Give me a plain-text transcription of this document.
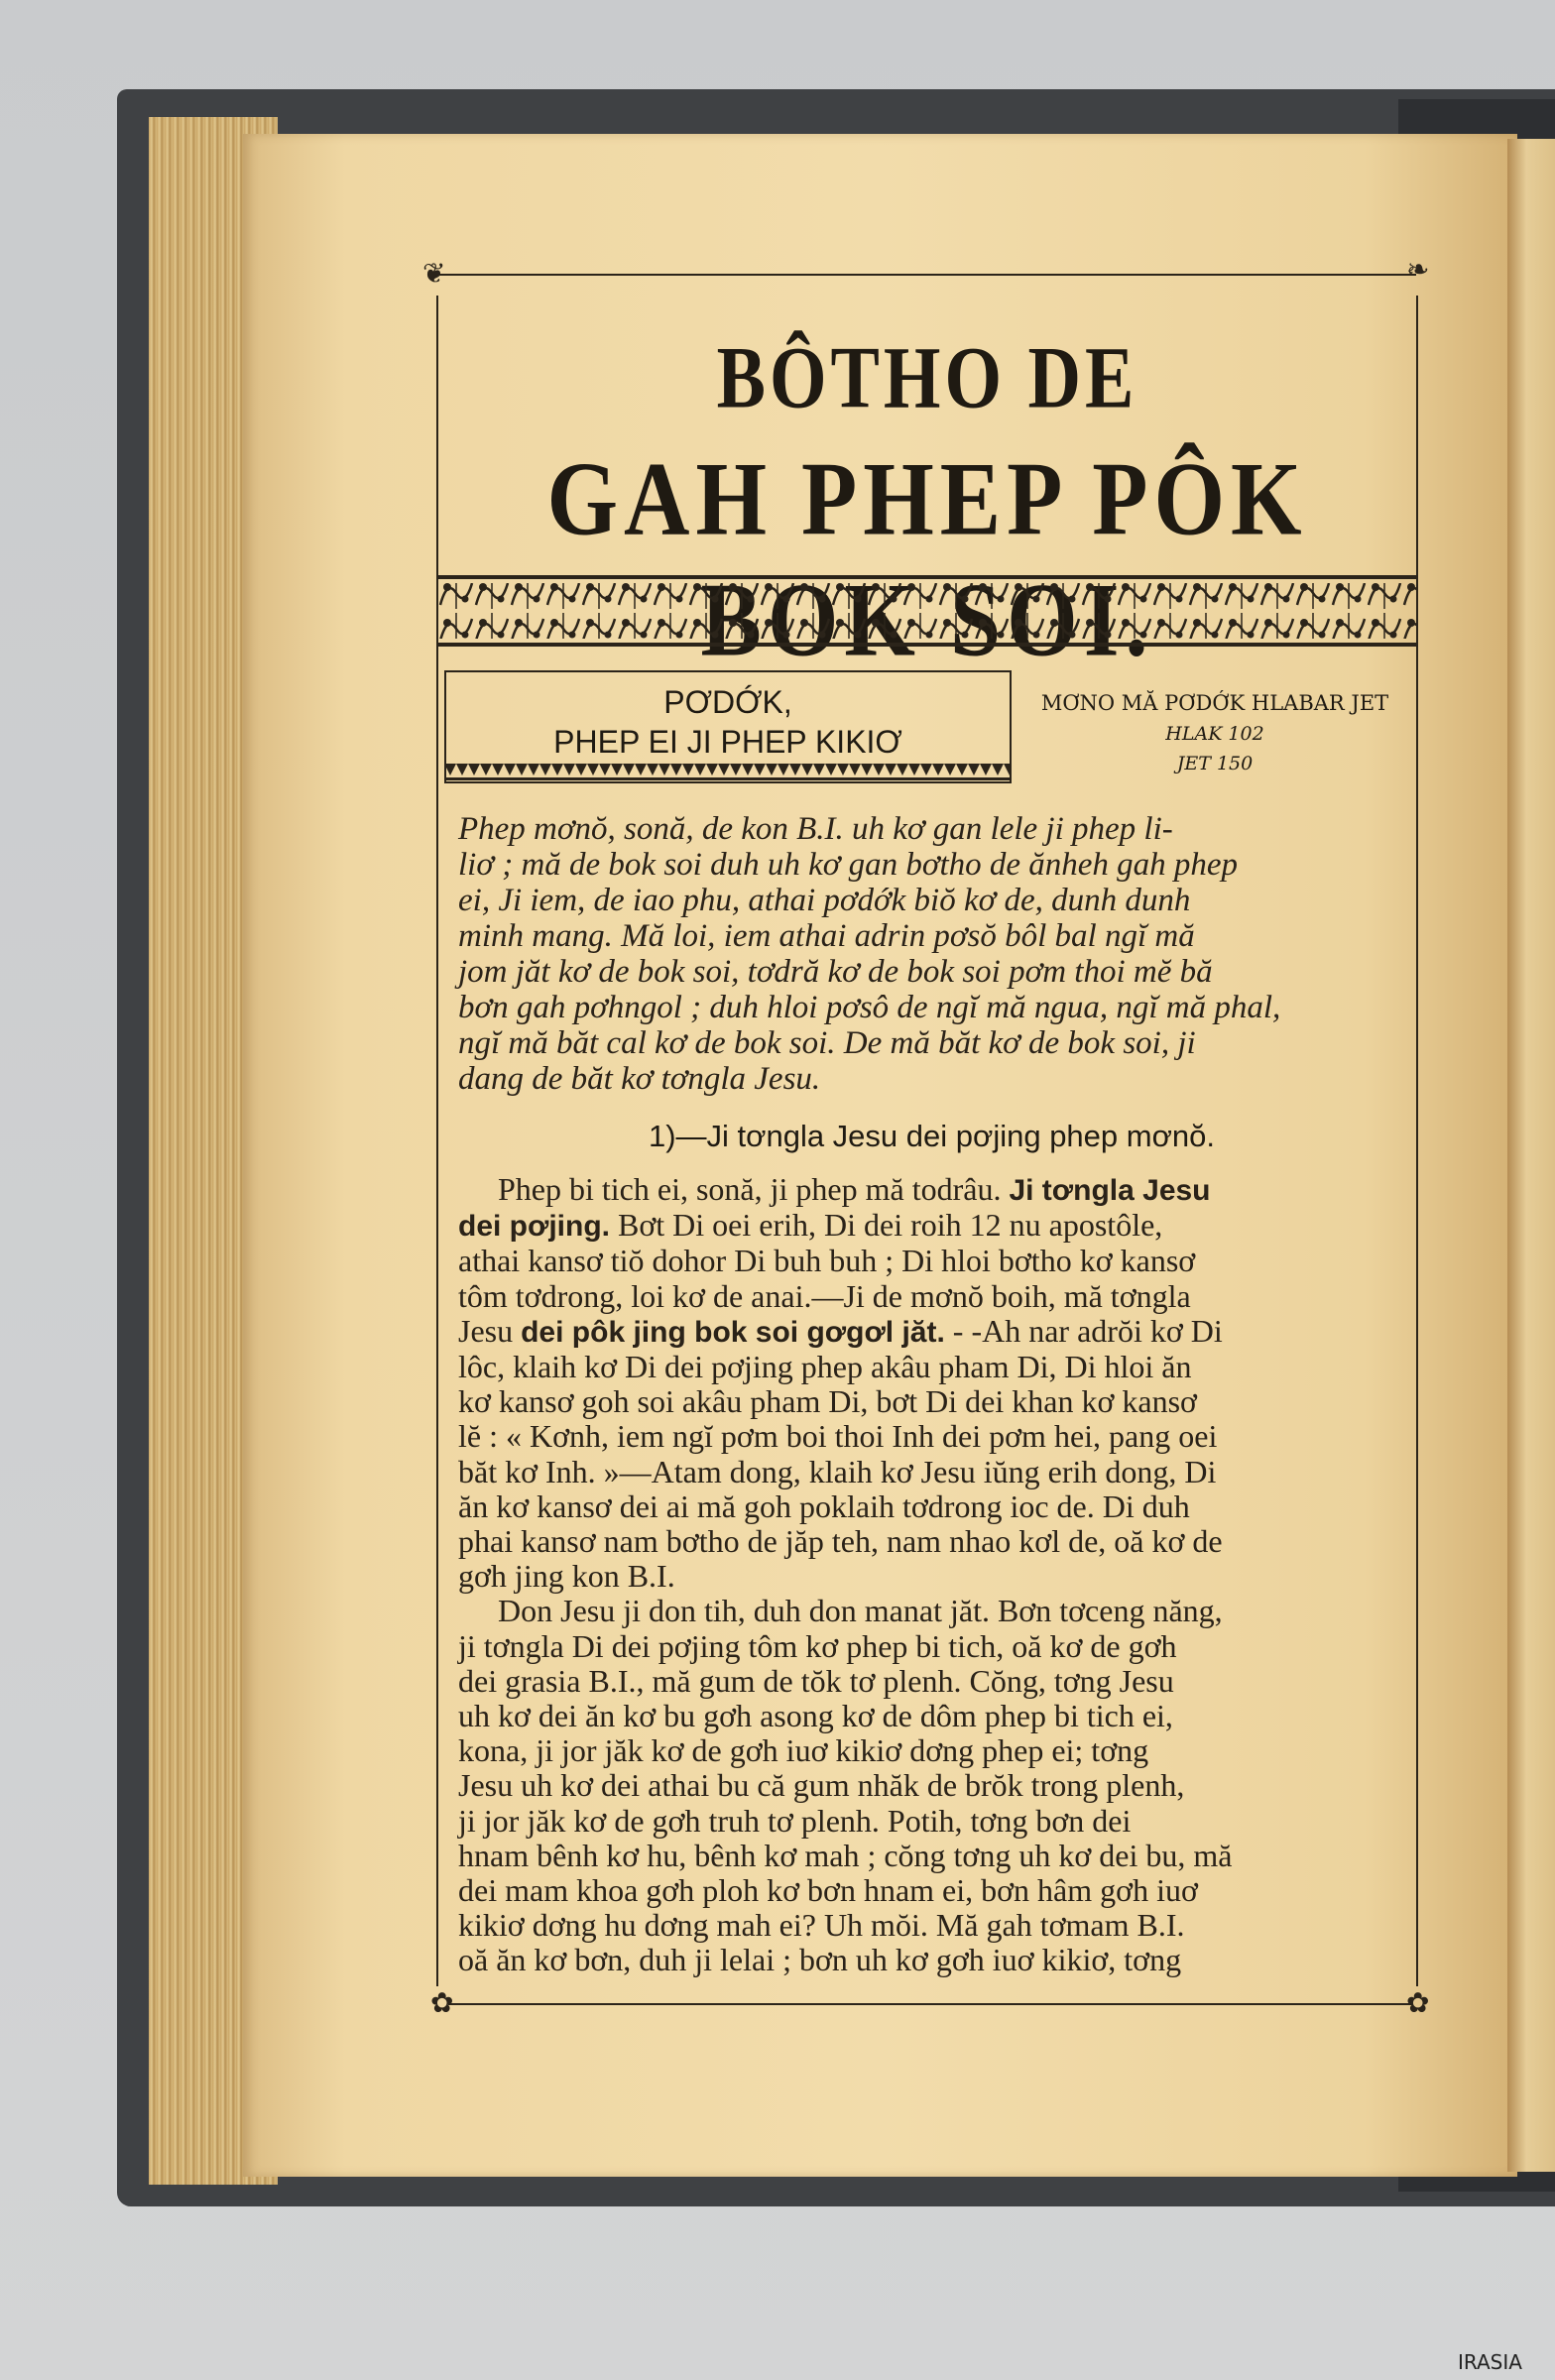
❦	❧
✿	✿
BÔTHO DE
GAH PHEP PÔK
PƠDỚK,
PHEP EI JI PHEP KIKIƠ
MƠNO MĂ PƠDỚK HLABAR JET
HLAK 102
JET 150
Phep mơnŏ, sonă, de kon B.I. uh kơ gan lele ji phep li-
liơ ; mă de bok soi duh uh kơ gan bơtho de ănheh gah phep
ei, Ji iem, de iao phu, athai pơdớk biŏ kơ de, dunh dunh
minh mang. Mă loi, iem athai adrin pơsŏ bôl bal ngĭ mă
jom jăt kơ de bok soi, tơdră kơ de bok soi pơm thoi mĕ bă
bơn gah pơhngol ; duh hloi pơsô de ngĭ mă ngua, ngĭ mă phal,
ngĭ mă băt cal kơ de bok soi. De mă băt kơ de bok soi, ji
dang de băt kơ tơngla Jesu.
1)—Ji tơngla Jesu dei pơjing phep mơnŏ.
Phep bi tich ei, sonă, ji phep mă todrâu. Ji tơngla Jesu
dei pơjing. Bơt Di oei erih, Di dei roih 12 nu apostôle,
athai kansơ tiŏ dohor Di buh buh ; Di hloi bơtho kơ kansơ
tôm tơdrong, loi kơ de anai.—Ji de mơnŏ boih, mă tơngla
Jesu dei pôk jing bok soi gơgơl jăt. - -Ah nar adrŏi kơ Di
lôc, klaih kơ Di dei pơjing phep akâu pham Di, Di hloi ăn
kơ kansơ goh soi akâu pham Di, bơt Di dei khan kơ kansơ
lĕ : « Kơnh, iem ngĭ pơm boi thoi Inh dei pơm hei, pang oei
băt kơ Inh. »—Atam dong, klaih kơ Jesu iŭng erih dong, Di
ăn kơ kansơ dei ai mă goh poklaih tơdrong ioc de. Di duh
phai kansơ nam bơtho de jăp teh, nam nhao kơl de, oă kơ de
gơh jing kon B.I.
Don Jesu ji don tih, duh don manat jăt. Bơn tơceng năng,
ji tơngla Di dei pơjing tôm kơ phep bi tich, oă kơ de gơh
dei grasia B.I., mă gum de tŏk tơ plenh. Cŏng, tơng Jesu
uh kơ dei ăn kơ bu gơh asong kơ de dôm phep bi tich ei,
kona, ji jor jăk kơ de gơh iuơ kikiơ dơng phep ei; tơng
Jesu uh kơ dei athai bu că gum nhăk de brŏk trong plenh,
ji jor jăk kơ de gơh truh tơ plenh. Potih, tơng bơn dei
hnam bênh kơ hu, bênh kơ mah ; cŏng tơng uh kơ dei bu, mă
dei mam khoa gơh ploh kơ bơn hnam ei, bơn hâm gơh iuơ
kikiơ dơng hu dơng mah ei? Uh mŏi. Mă gah tơmam B.I.
oă ăn kơ bơn, duh ji lelai ; bơn uh kơ gơh iuơ kikiơ, tơng
IRASIA
